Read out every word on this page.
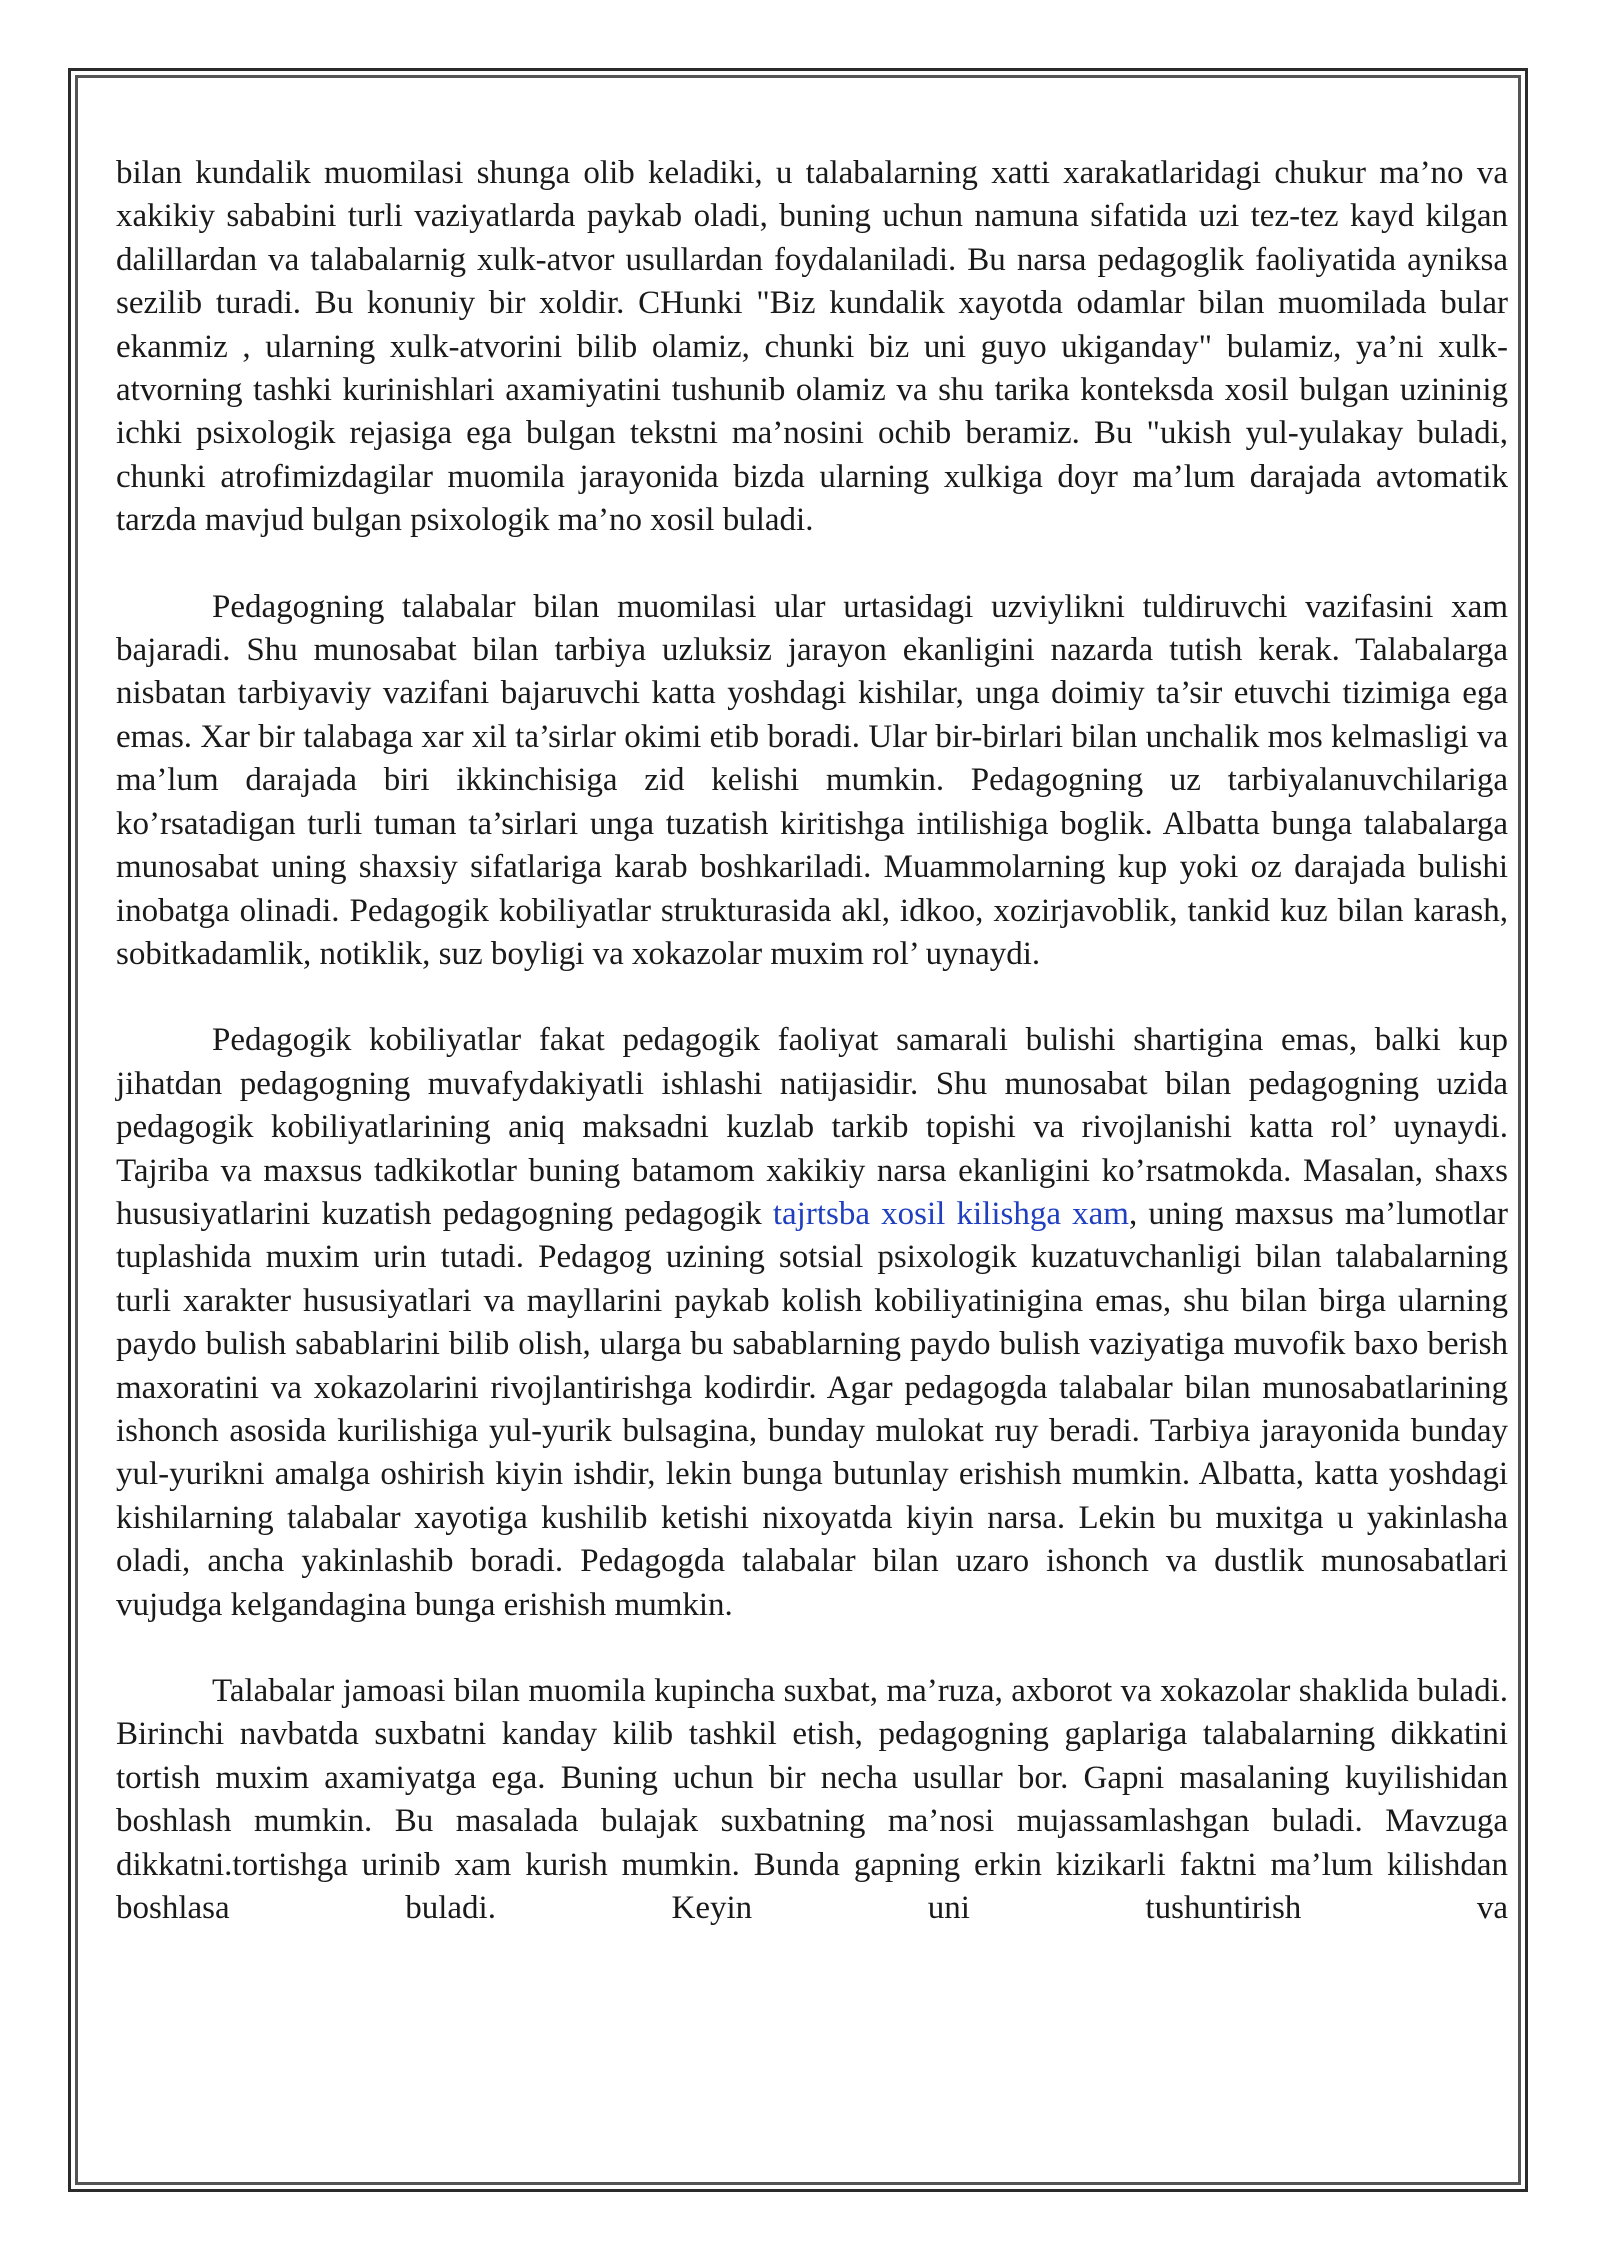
bilan kundalik muomilasi shunga olib keladiki, u talabalarning xatti xarakatlaridagi chukur ma’no va xakikiy sababini turli vaziyatlarda paykab oladi, buning uchun namuna sifatida uzi tez-tez kayd kilgan dalillardan va talabalarnig xulk-atvor usullardan foydalaniladi. Bu narsa pedagoglik faoliyatida ayniksa sezilib turadi. Bu konuniy bir xoldir. CHunki "Biz kundalik xayotda odamlar bilan muomilada bular ekanmiz , ularning xulk-atvorini bilib olamiz, chunki biz uni guyo ukiganday" bulamiz, ya’ni xulk-atvorning tashki kurinishlari axamiyatini tushunib olamiz va shu tarika konteksda xosil bulgan uzininig ichki psixologik rejasiga ega bulgan tekstni ma’nosini ochib beramiz. Bu "ukish yul-yulakay buladi, chunki atrofimizdagilar muomila jarayonida bizda ularning xulkiga doyr ma’lum darajada avtomatik tarzda mavjud bulgan psixologik ma’no xosil buladi.

Pedagogning talabalar bilan muomilasi ular urtasidagi uzviylikni tuldiruvchi vazifasini xam bajaradi. Shu munosabat bilan tarbiya uzluksiz jarayon ekanligini nazarda tutish kerak. Talabalarga nisbatan tarbiyaviy vazifani bajaruvchi katta yoshdagi kishilar, unga doimiy ta’sir etuvchi tizimiga ega emas. Xar bir talabaga xar xil ta’sirlar okimi etib boradi. Ular bir-birlari bilan unchalik mos kelmasligi va ma’lum darajada biri ikkinchisiga zid kelishi mumkin. Pedagogning uz tarbiyalanuvchilariga ko’rsatadigan turli tuman ta’sirlari unga tuzatish kiritishga intilishiga boglik. Albatta bunga talabalarga munosabat uning shaxsiy sifatlariga karab boshkariladi. Muammolarning kup yoki oz darajada bulishi inobatga olinadi. Pedagogik kobiliyatlar strukturasida akl, idkoo, xozirjavoblik, tankid kuz bilan karash, sobitkadamlik, notiklik, suz boyligi va xokazolar muxim rol’ uynaydi.

Pedagogik kobiliyatlar fakat pedagogik faoliyat samarali bulishi shartigina emas, balki kup jihatdan pedagogning muvafydakiyatli ishlashi natijasidir. Shu munosabat bilan pedagogning uzida pedagogik kobiliyatlarining aniq maksadni kuzlab tarkib topishi va rivojlanishi katta rol’ uynaydi. Tajriba va maxsus tadkikotlar buning batamom xakikiy narsa ekanligini ko’rsatmokda. Masalan, shaxs hususiyatlarini kuzatish pedagogning pedagogik tajrtsba xosil kilishga xam, uning maxsus ma’lumotlar tuplashida muxim urin tutadi. Pedagog uzining sotsial psixologik kuzatuvchanligi bilan talabalarning turli xarakter hususiyatlari va mayllarini paykab kolish kobiliyatinigina emas, shu bilan birga ularning paydo bulish sabablarini bilib olish, ularga bu sabablarning paydo bulish vaziyatiga muvofik baxo berish maxoratini va xokazolarini rivojlantirishga kodirdir. Agar pedagogda talabalar bilan munosabatlarining ishonch asosida kurilishiga yul-yurik bulsagina, bunday mulokat ruy beradi. Tarbiya jarayonida bunday yul-yurikni amalga oshirish kiyin ishdir, lekin bunga butunlay erishish mumkin. Albatta, katta yoshdagi kishilarning talabalar xayotiga kushilib ketishi nixoyatda kiyin narsa. Lekin bu muxitga u yakinlasha oladi, ancha yakinlashib boradi. Pedagogda talabalar bilan uzaro ishonch va dustlik munosabatlari vujudga kelgandagina bunga erishish mumkin.

Talabalar jamoasi bilan muomila kupincha suxbat, ma’ruza, axborot va xokazolar shaklida buladi. Birinchi navbatda suxbatni kanday kilib tashkil etish, pedagogning gaplariga talabalarning dikkatini tortish muxim axamiyatga ega. Buning uchun bir necha usullar bor. Gapni masalaning kuyilishidan boshlash mumkin. Bu masalada bulajak suxbatning ma’nosi mujassamlashgan buladi. Mavzuga dikkatni.tortishga urinib xam kurish mumkin. Bunda gapning erkin kizikarli faktni ma’lum kilishdan boshlasa buladi. Keyin uni tushuntirish va
